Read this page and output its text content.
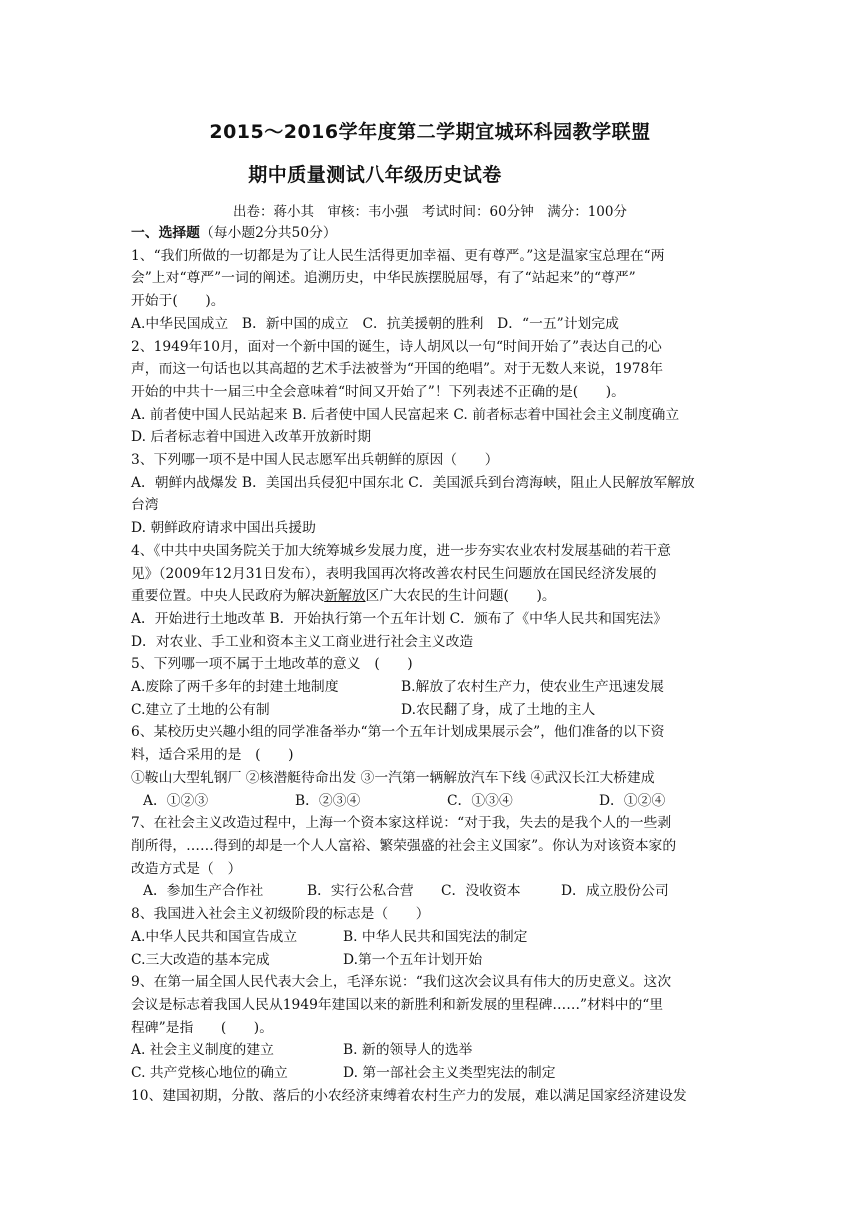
2015～2016学年度第二学期宜城环科园教学联盟
期中质量测试八年级历史试卷
出卷：蒋小其　审核：韦小强　考试时间：60分钟　满分：100分
一、选择题（每小题2分共50分）
1、“我们所做的一切都是为了让人民生活得更加幸福、更有尊严。”这是温家宝总理在“两
会”上对“尊严”一词的阐述。追溯历史，中华民族摆脱屈辱，有了“站起来”的“尊严”
开始于(　　)。
A.中华民国成立　B．新中国的成立　C．抗美援朝的胜利　D．“一五”计划完成
2、1949年10月，面对一个新中国的诞生，诗人胡风以一句“时间开始了”表达自己的心
声，而这一句话也以其高超的艺术手法被誉为“开国的绝唱”。对于无数人来说，1978年
开始的中共十一届三中全会意味着“时间又开始了”！下列表述不正确的是(　　)。
A. 前者使中国人民站起来 B. 后者使中国人民富起来 C. 前者标志着中国社会主义制度确立
D. 后者标志着中国进入改革开放新时期
3、下列哪一项不是中国人民志愿军出兵朝鲜的原因（　　）
A．朝鲜内战爆发 B．美国出兵侵犯中国东北 C．美国派兵到台湾海峡，阻止人民解放军解放
台湾
D. 朝鲜政府请求中国出兵援助
4、《中共中央国务院关于加大统筹城乡发展力度，进一步夯实农业农村发展基础的若干意
见》（2009年12月31日发布），表明我国再次将改善农村民生问题放在国民经济发展的
重要位置。中央人民政府为解决新解放区广大农民的生计问题(　　)。
A．开始进行土地改革 B．开始执行第一个五年计划 C．颁布了《中华人民共和国宪法》
D．对农业、手工业和资本主义工商业进行社会主义改造
5、下列哪一项不属于土地改革的意义　(　　)
A.废除了两千多年的封建土地制度	B.解放了农村生产力，使农业生产迅速发展
C.建立了土地的公有制	D.农民翻了身，成了土地的主人
6、某校历史兴趣小组的同学准备举办“第一个五年计划成果展示会”，他们准备的以下资
料，适合采用的是　(　　)
①鞍山大型轧钢厂 ②核潜艇待命出发 ③一汽第一辆解放汽车下线 ④武汉长江大桥建成
A．①②③	B．②③④	C．①③④	D．①②④
7、在社会主义改造过程中，上海一个资本家这样说：“对于我，失去的是我个人的一些剥
削所得，……得到的却是一个人人富裕、繁荣强盛的社会主义国家”。你认为对该资本家的
改造方式是（　）
A．参加生产合作社	B．实行公私合营	C．没收资本	D．成立股份公司
8、我国进入社会主义初级阶段的标志是（　　）
A.中华人民共和国宣告成立	B. 中华人民共和国宪法的制定
C.三大改造的基本完成	D.第一个五年计划开始
9、在第一届全国人民代表大会上，毛泽东说：“我们这次会议具有伟大的历史意义。这次
会议是标志着我国人民从1949年建国以来的新胜利和新发展的里程碑……”材料中的“里
程碑”是指　　(　　)。
A. 社会主义制度的建立	B. 新的领导人的选举
C. 共产党核心地位的确立	D. 第一部社会主义类型宪法的制定
10、建国初期，分散、落后的小农经济束缚着农村生产力的发展，难以满足国家经济建设发
